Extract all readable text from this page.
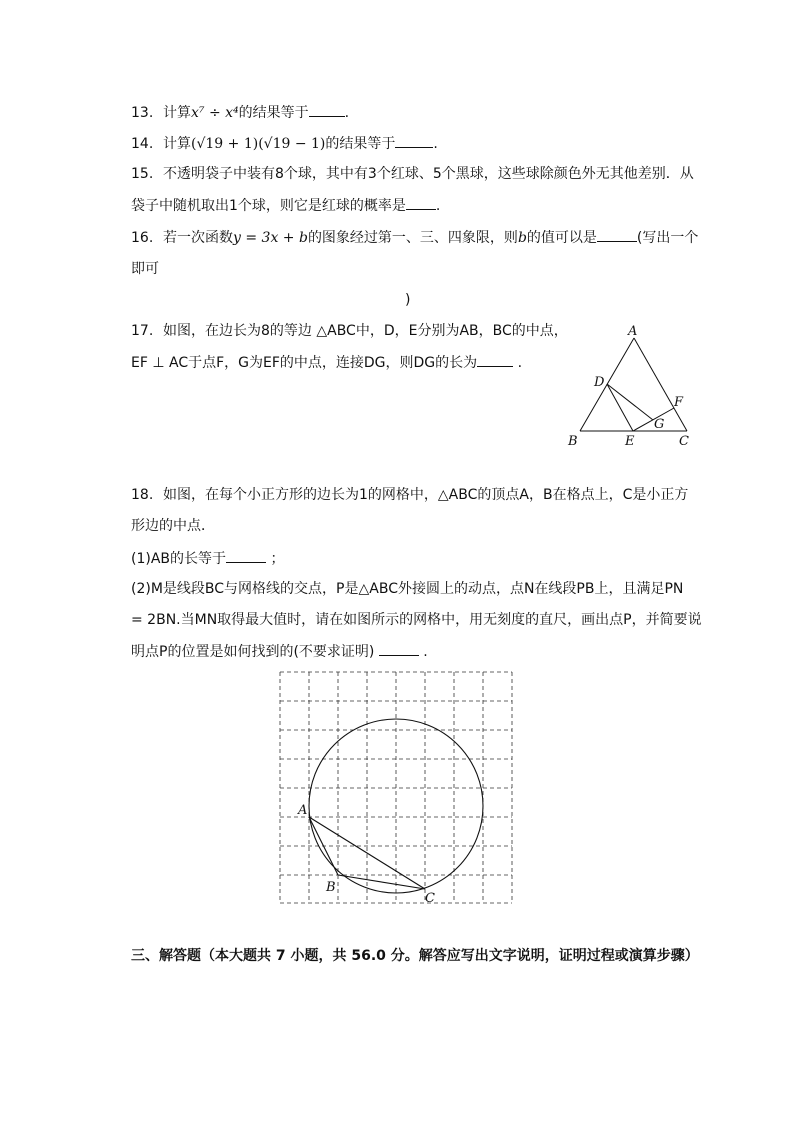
13. 计算x⁷ ÷ x⁴的结果等于	.
14. 计算(√19 + 1)(√19 − 1)的结果等于	.
15. 不透明袋子中装有8个球，其中有3个红球、5个黑球，这些球除颜色外无其他差别．从
袋子中随机取出1个球，则它是红球的概率是 .
16. 若一次函数y = 3x + b的图象经过第一、三、四象限，则b的值可以是	(写出一个
即可
)
17. 如图，在边长为8的等边 △ABC中，D，E分别为AB，BC的中点，
EF ⊥ AC于点F，G为EF的中点，连接DG，则DG的长为	.
A
D
F
G
B	E	C
18. 如图，在每个小正方形的边长为1的网格中，△ABC的顶点A，B在格点上，C是小正方
形边的中点．
(1)AB的长等于	；
(2)M是线段BC与网格线的交点，P是△ABC外接圆上的动点，点N在线段PB上，且满足PN
= 2BN.当MN取得最大值时，请在如图所示的网格中，用无刻度的直尺，画出点P，并简要说
明点P的位置是如何找到的(不要求证明)	.
A
B
C
三、解答题（本大题共 7 小题，共 56.0 分。解答应写出文字说明，证明过程或演算步骤）
